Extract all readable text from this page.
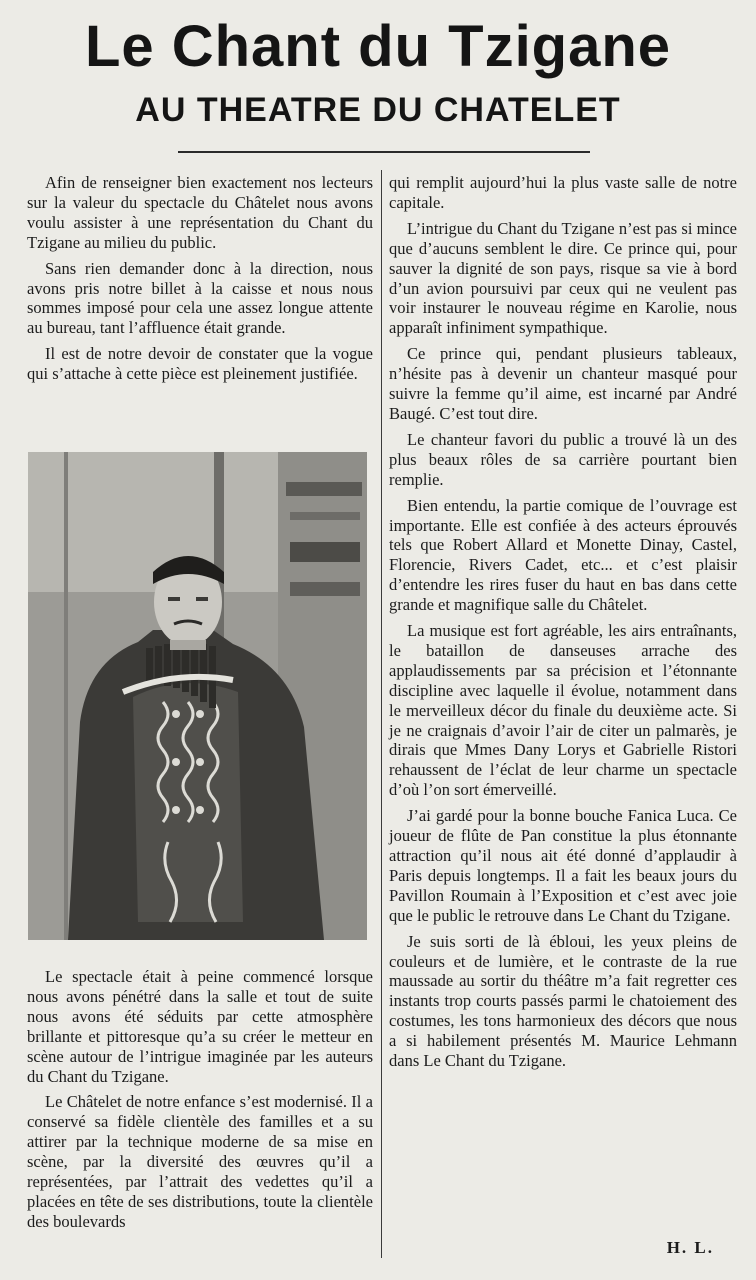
Le Chant du Tzigane
AU THEATRE DU CHATELET

Afin de renseigner bien exactement nos lecteurs sur la valeur du spectacle du Châtelet nous avons voulu assister à une représentation du Chant du Tzigane au milieu du public.

Sans rien demander donc à la direction, nous avons pris notre billet à la caisse et nous nous sommes imposé pour cela une assez longue attente au bureau, tant l’affluence était grande.

Il est de notre devoir de constater que la vogue qui s’attache à cette pièce est pleinement justifiée.

Le spectacle était à peine commencé lorsque nous avons pénétré dans la salle et tout de suite nous avons été séduits par cette atmosphère brillante et pittoresque qu’a su créer le metteur en scène autour de l’intrigue imaginée par les auteurs du Chant du Tzigane.

Le Châtelet de notre enfance s’est modernisé. Il a conservé sa fidèle clientèle des familles et a su attirer par la technique moderne de sa mise en scène, par la diversité des œuvres qu’il a représentées, par l’attrait des vedettes qu’il a placées en tête de ses distributions, toute la clientèle des boulevards

qui remplit aujourd’hui la plus vaste salle de notre capitale.

L’intrigue du Chant du Tzigane n’est pas si mince que d’aucuns semblent le dire. Ce prince qui, pour sauver la dignité de son pays, risque sa vie à bord d’un avion poursuivi par ceux qui ne veulent pas voir instaurer le nouveau régime en Karolie, nous apparaît infiniment sympathique.

Ce prince qui, pendant plusieurs tableaux, n’hésite pas à devenir un chanteur masqué pour suivre la femme qu’il aime, est incarné par André Baugé. C’est tout dire.

Le chanteur favori du public a trouvé là un des plus beaux rôles de sa carrière pourtant bien remplie.

Bien entendu, la partie comique de l’ouvrage est importante. Elle est confiée à des acteurs éprouvés tels que Robert Allard et Monette Dinay, Castel, Florencie, Rivers Cadet, etc... et c’est plaisir d’entendre les rires fuser du haut en bas dans cette grande et magnifique salle du Châtelet.

La musique est fort agréable, les airs entraînants, le bataillon de danseuses arrache des applaudissements par sa précision et l’étonnante discipline avec laquelle il évolue, notamment dans le merveilleux décor du finale du deuxième acte. Si je ne craignais d’avoir l’air de citer un palmarès, je dirais que Mmes Dany Lorys et Gabrielle Ristori rehaussent de l’éclat de leur charme un spectacle d’où l’on sort émerveillé.

J’ai gardé pour la bonne bouche Fanica Luca. Ce joueur de flûte de Pan constitue la plus étonnante attraction qu’il nous ait été donné d’applaudir à Paris depuis longtemps. Il a fait les beaux jours du Pavillon Roumain à l’Exposition et c’est avec joie que le public le retrouve dans Le Chant du Tzigane.

Je suis sorti de là ébloui, les yeux pleins de couleurs et de lumière, et le contraste de la rue maussade au sortir du théâtre m’a fait regretter ces instants trop courts passés parmi le chatoiement des costumes, les tons harmonieux des décors que nous a si habilement présentés M. Maurice Lehmann dans Le Chant du Tzigane.

H. L.
